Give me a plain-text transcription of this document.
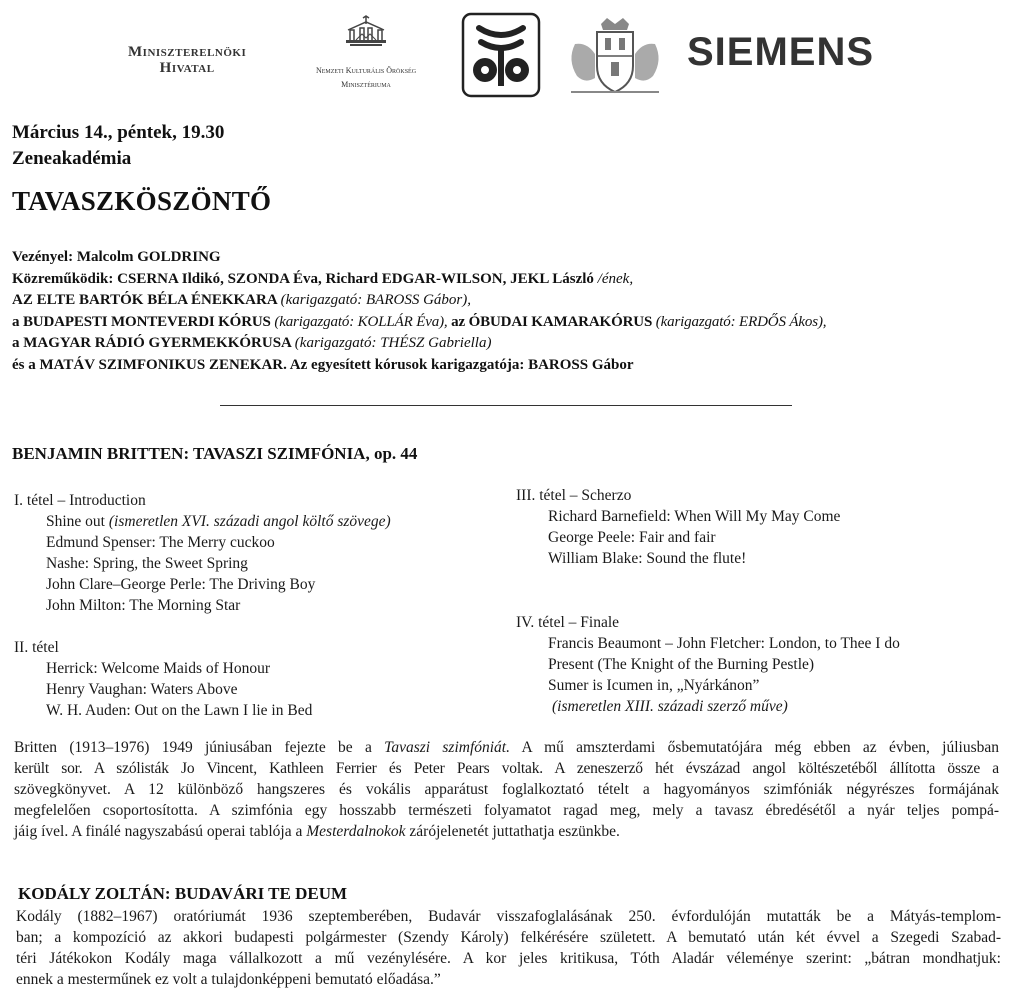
Miniszterelnöki
Hivatal	Nemzeti Kulturális Örökség
Minisztériuma
SIEMENS
Március 14., péntek, 19.30
Zeneakadémia
TAVASZKÖSZÖNTŐ
Vezényel: Malcolm GOLDRING
Közreműködik: CSERNA Ildikó, SZONDA Éva, Richard EDGAR-WILSON, JEKL László /ének,
AZ ELTE BARTÓK BÉLA ÉNEKKARA (karigazgató: BAROSS Gábor),
a BUDAPESTI MONTEVERDI KÓRUS (karigazgató: KOLLÁR Éva), az ÓBUDAI KAMARAKÓRUS (karigazgató: ERDŐS Ákos),
a MAGYAR RÁDIÓ GYERMEKKÓRUSA (karigazgató: THÉSZ Gabriella)
és a MATÁV SZIMFONIKUS ZENEKAR. Az egyesített kórusok karigazgatója: BAROSS Gábor
BENJAMIN BRITTEN: TAVASZI SZIMFÓNIA, op. 44
I. tétel – Introduction
Shine out (ismeretlen XVI. századi angol költő szövege)
Edmund Spenser: The Merry cuckoo
Nashe: Spring, the Sweet Spring
John Clare–George Perle: The Driving Boy
John Milton: The Morning Star
II. tétel
Herrick: Welcome Maids of Honour
Henry Vaughan: Waters Above
W. H. Auden: Out on the Lawn I lie in Bed
III. tétel – Scherzo
Richard Barnefield: When Will My May Come
George Peele: Fair and fair
William Blake: Sound the flute!
IV. tétel – Finale
Francis Beaumont – John Fletcher: London, to Thee I do
Present (The Knight of the Burning Pestle)
Sumer is Icumen in, „Nyárkánon”
(ismeretlen XIII. századi szerző műve)
Britten (1913–1976) 1949 júniusában fejezte be a Tavaszi szimfóniát. A mű amszterdami ősbemutatójára még ebben az évben, júliusban
került sor. A szólisták Jo Vincent, Kathleen Ferrier és Peter Pears voltak. A zeneszerző hét évszázad angol költészetéből állította össze a
szövegkönyvet. A 12 különböző hangszeres és vokális apparátust foglalkoztató tételt a hagyományos szimfóniák négyrészes formájának
megfelelően csoportosította. A szimfónia egy hosszabb természeti folyamatot ragad meg, mely a tavasz ébredésétől a nyár teljes pompá-
jáig ível. A finálé nagyszabású operai tablója a Mesterdalnokok zárójelenetét juttathatja eszünkbe.
KODÁLY ZOLTÁN: BUDAVÁRI TE DEUM
Kodály (1882–1967) oratóriumát 1936 szeptemberében, Budavár visszafoglalásának 250. évfordulóján mutatták be a Mátyás-templom-
ban; a kompozíció az akkori budapesti polgármester (Szendy Károly) felkérésére született. A bemutató után két évvel a Szegedi Szabad-
téri Játékokon Kodály maga vállalkozott a mű vezénylésére. A kor jeles kritikusa, Tóth Aladár véleménye szerint: „bátran mondhatjuk:
ennek a mesterműnek ez volt a tulajdonképpeni bemutató előadása.”
